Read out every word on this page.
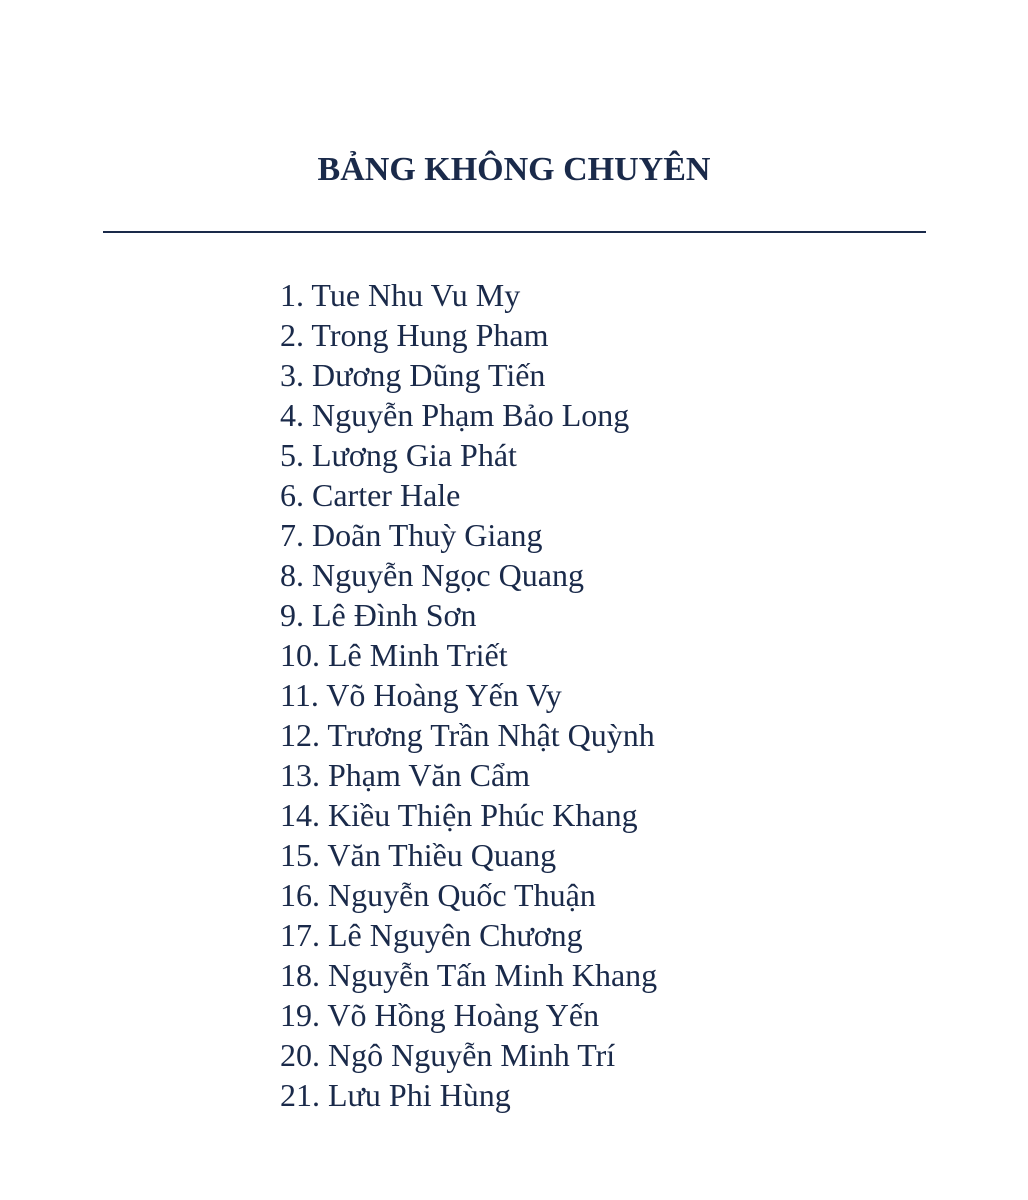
BẢNG KHÔNG CHUYÊN
1. Tue Nhu Vu My
2. Trong Hung Pham
3. Dương Dũng Tiến
4. Nguyễn Phạm Bảo Long
5. Lương Gia Phát
6. Carter Hale
7. Doãn Thuỳ Giang
8. Nguyễn Ngọc Quang
9. Lê Đình Sơn
10. Lê Minh Triết
11. Võ Hoàng Yến Vy
12. Trương Trần Nhật Quỳnh
13. Phạm Văn Cẩm
14. Kiều Thiện Phúc Khang
15. Văn Thiều Quang
16. Nguyễn Quốc Thuận
17. Lê Nguyên Chương
18. Nguyễn Tấn Minh Khang
19. Võ Hồng Hoàng Yến
20. Ngô Nguyễn Minh Trí
21. Lưu Phi Hùng
